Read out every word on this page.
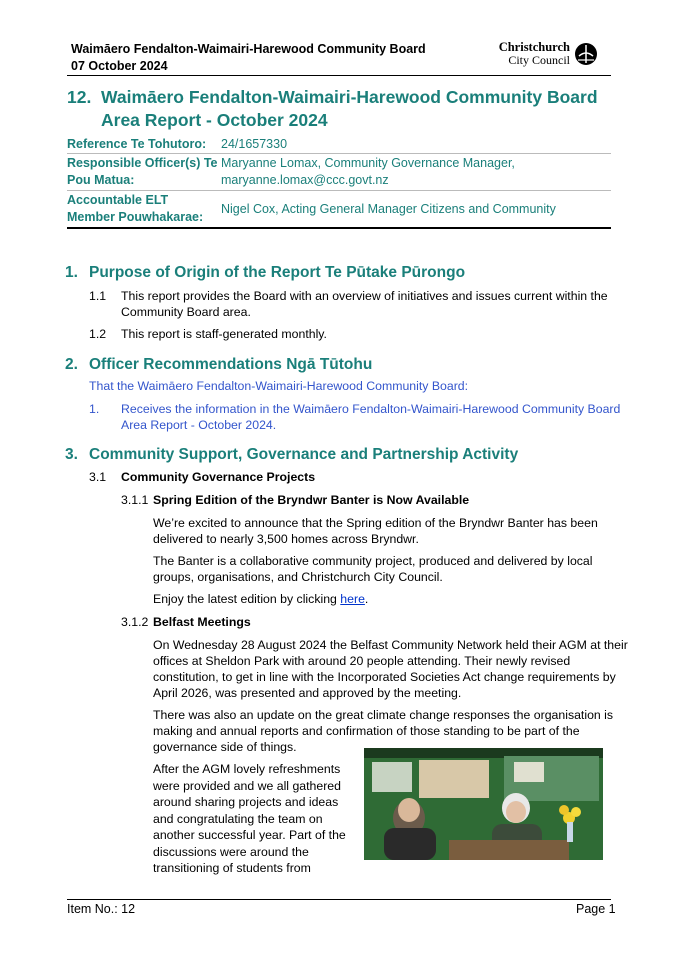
Waimāero Fendalton-Waimairi-Harewood Community Board
07 October 2024
Christchurch
City Council
12. Waimāero Fendalton-Waimairi-Harewood Community Board
Area Report - October 2024
Reference Te Tohutoro: 24/1657330
Responsible Officer(s) Te
Pou Matua:
Maryanne Lomax, Community Governance Manager,
maryanne.lomax@ccc.govt.nz
Accountable ELT
Member Pouwhakarae:
Nigel Cox, Acting General Manager Citizens and Community
1. Purpose of Origin of the Report Te Pūtake Pūrongo
1.1 This report provides the Board with an overview of initiatives and issues current within the
Community Board area.
1.2 This report is staff-generated monthly.
2. Officer Recommendations Ngā Tūtohu
That the Waimāero Fendalton-Waimairi-Harewood Community Board:
1. Receives the information in the Waimāero Fendalton-Waimairi-Harewood Community Board
Area Report - October 2024.
3. Community Support, Governance and Partnership Activity
3.1 Community Governance Projects
3.1.1 Spring Edition of the Bryndwr Banter is Now Available
We’re excited to announce that the Spring edition of the Bryndwr Banter has been
delivered to nearly 3,500 homes across Bryndwr.
The Banter is a collaborative community project, produced and delivered by local
groups, organisations, and Christchurch City Council.
Enjoy the latest edition by clicking here.
3.1.2 Belfast Meetings
On Wednesday 28 August 2024 the Belfast Community Network held their AGM at their
offices at Sheldon Park with around 20 people attending. Their newly revised
constitution, to get in line with the Incorporated Societies Act change requirements by
April 2026, was presented and approved by the meeting.
There was also an update on the great climate change responses the organisation is
making and annual reports and confirmation of those standing to be part of the
governance side of things.
After the AGM lovely refreshments
were provided and we all gathered
around sharing projects and ideas
and congratulating the team on
another successful year. Part of the
discussions were around the
transitioning of students from
Item No.: 12	Page 1
